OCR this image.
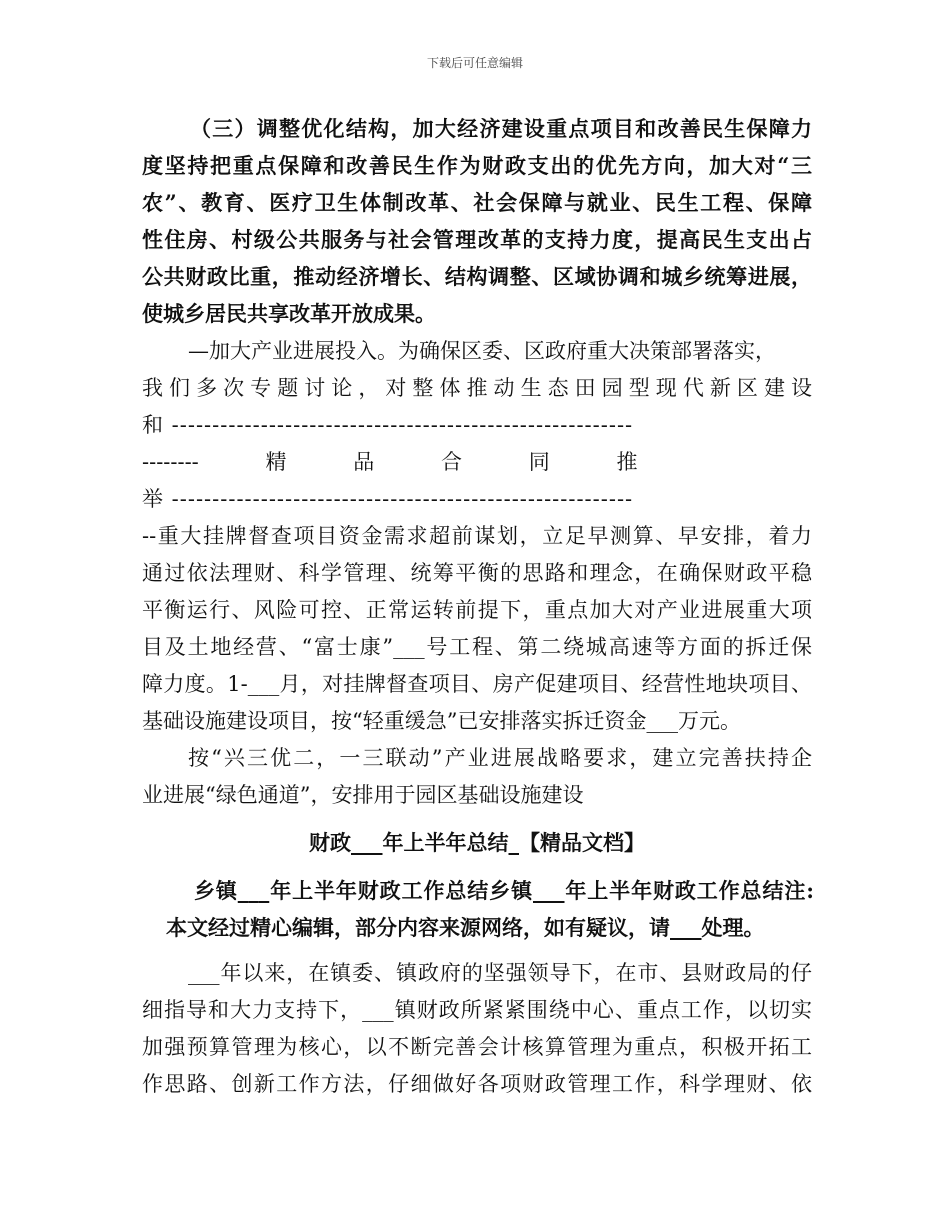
下载后可任意编辑
（三）调整优化结构，加大经济建设重点项目和改善民生保障力
度坚持把重点保障和改善民生作为财政支出的优先方向，加大对“三
农”、教育、医疗卫生体制改革、社会保障与就业、民生工程、保障
性住房、村级公共服务与社会管理改革的支持力度，提高民生支出占
公共财政比重，推动经济增长、结构调整、区域协调和城乡统筹进展，
使城乡居民共享改革开放成果。
—加大产业进展投入。为确保区委、区政府重大决策部署落实，
我们多次专题讨论，对整体推动生态田园型现代新区建设
和 ---------------------------------------------------------
--------          精          品          合          同          推
举 ---------------------------------------------------------
--重大挂牌督查项目资金需求超前谋划，立足早测算、早安排，着力
通过依法理财、科学管理、统筹平衡的思路和理念，在确保财政平稳
平衡运行、风险可控、正常运转前提下，重点加大对产业进展重大项
目及土地经营、“富士康”___号工程、第二绕城高速等方面的拆迁保
障力度。1-___月，对挂牌督查项目、房产促建项目、经营性地块项目、
基础设施建设项目，按“轻重缓急”已安排落实拆迁资金___万元。
按“兴三优二，一三联动”产业进展战略要求，建立完善扶持企
业进展“绿色通道”，安排用于园区基础设施建设
财政___年上半年总结_【精品文档】
乡镇___年上半年财政工作总结乡镇___年上半年财政工作总结注:
本文经过精心编辑，部分内容来源网络，如有疑议，请___处理。
___年以来，在镇委、镇政府的坚强领导下，在市、县财政局的仔
细指导和大力支持下，___镇财政所紧紧围绕中心、重点工作，以切实
加强预算管理为核心，以不断完善会计核算管理为重点，积极开拓工
作思路、创新工作方法，仔细做好各项财政管理工作，科学理财、依
